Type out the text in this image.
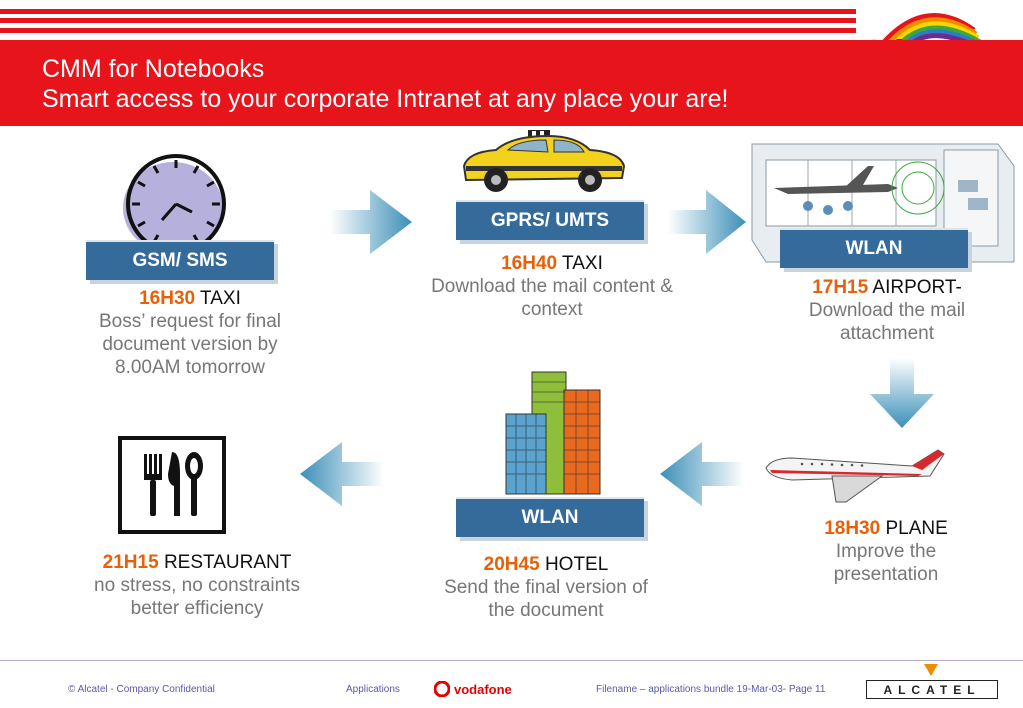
CMM for Notebooks
Smart access to your corporate Intranet at any place your are!
GSM/ SMS
16H30 TAXI
Boss’ request for final
document version by
8.00AM tomorrow
GPRS/ UMTS
16H40 TAXI
Download the mail content &
context
WLAN
17H15 AIRPORT-
Download the mail
attachment
18H30 PLANE
Improve the
presentation
WLAN
20H45 HOTEL
Send the final version of
the document
21H15 RESTAURANT
no stress, no constraints
better efficiency
© Alcatel - Company Confidential	Applications	vodafone	Filename – applications bundle 19-Mar-03- Page 11	ALCATEL
